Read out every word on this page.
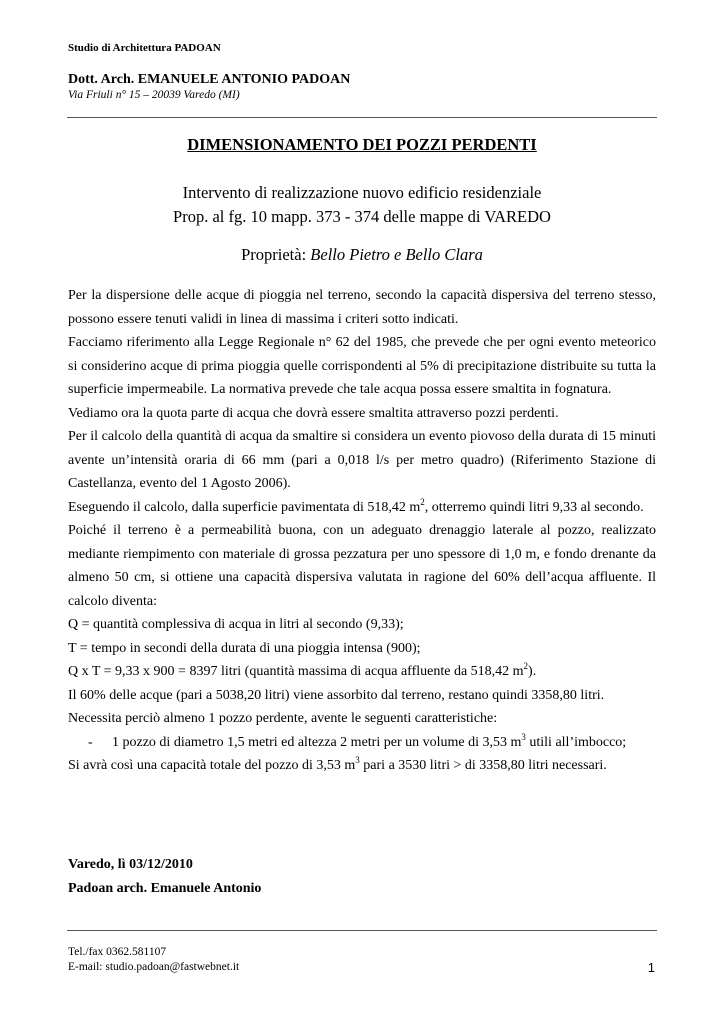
Studio di Architettura PADOAN
Dott. Arch. EMANUELE ANTONIO PADOAN
Via Friuli n° 15 – 20039 Varedo (MI)
DIMENSIONAMENTO DEI POZZI PERDENTI
Intervento di realizzazione nuovo edificio residenziale
Prop. al fg. 10 mapp. 373 - 374 delle mappe di VAREDO
Proprietà: Bello Pietro e Bello Clara

Per la dispersione delle acque di pioggia nel terreno, secondo la capacità dispersiva del terreno stesso, possono essere tenuti validi in linea di massima i criteri sotto indicati.

Facciamo riferimento alla Legge Regionale n° 62 del 1985, che prevede che per ogni evento meteorico si considerino acque di prima pioggia quelle corrispondenti al 5% di precipitazione distribuite su tutta la superficie impermeabile. La normativa prevede che tale acqua possa essere smaltita in fognatura.

Vediamo ora la quota parte di acqua che dovrà essere smaltita attraverso pozzi perdenti.

Per il calcolo della quantità di acqua da smaltire si considera un evento piovoso della durata di 15 minuti avente un’intensità oraria di 66 mm (pari a 0,018 l/s per metro quadro) (Riferimento Stazione di Castellanza, evento del 1 Agosto 2006).

Eseguendo il calcolo, dalla superficie pavimentata di 518,42 $m^2$, otterremo quindi litri 9,33 al secondo.

Poiché il terreno è a permeabilità buona, con un adeguato drenaggio laterale al pozzo, realizzato mediante riempimento con materiale di grossa pezzatura per uno spessore di 1,0 m, e fondo drenante da almeno 50 cm, si ottiene una capacità dispersiva valutata in ragione del 60% dell’acqua affluente. Il calcolo diventa:

Q = quantità complessiva di acqua in litri al secondo (9,33);

T = tempo in secondi della durata di una pioggia intensa (900);

Q x T = 9,33 x 900 = 8397 litri (quantità massima di acqua affluente da 518,42 $m^2$).

Il 60% delle acque (pari a 5038,20 litri) viene assorbito dal terreno, restano quindi 3358,80 litri.

Necessita perciò almeno 1 pozzo perdente, avente le seguenti caratteristiche:

- 1 pozzo di diametro 1,5 metri ed altezza 2 metri per un volume di 3,53 $m^3$ utili all’imbocco;

Si avrà così una capacità totale del pozzo di 3,53 $m^3$ pari a 3530 litri > di 3358,80 litri necessari.

Varedo, lì 03/12/2010
Padoan arch. Emanuele Antonio
Tel./fax 0362.581107
E-mail: studio.padoan@fastwebnet.it	1
